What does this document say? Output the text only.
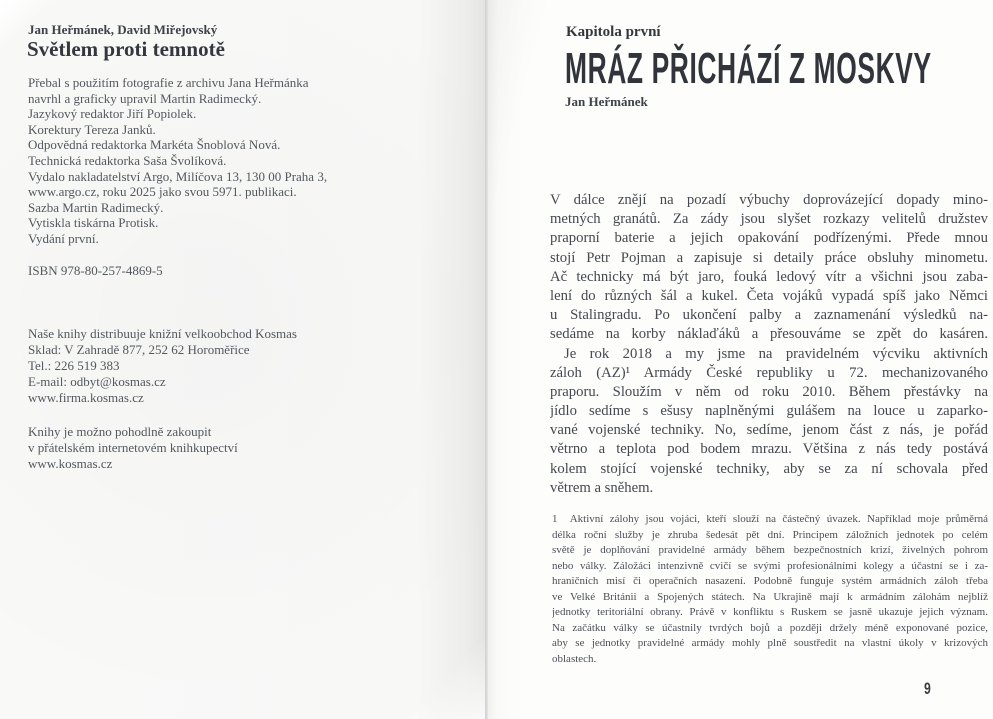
Jan Heřmánek, David Miřejovský
Světlem proti temnotě
Přebal s použitím fotografie z archivu Jana Heřmánka
navrhl a graficky upravil Martin Radimecký.
Jazykový redaktor Jiří Popiolek.
Korektury Tereza Janků.
Odpovědná redaktorka Markéta Šnoblová Nová.
Technická redaktorka Saša Švolíková.
Vydalo nakladatelství Argo, Milíčova 13, 130 00 Praha 3,
www.argo.cz, roku 2025 jako svou 5971. publikaci.
Sazba Martin Radimecký.
Vytiskla tiskárna Protisk.
Vydání první.
ISBN 978-80-257-4869-5
Naše knihy distribuuje knižní velkoobchod Kosmas
Sklad: V Zahradě 877, 252 62 Horoměřice
Tel.: 226 519 383
E-mail: odbyt@kosmas.cz
www.firma.kosmas.cz
Knihy je možno pohodlně zakoupit
v přátelském internetovém knihkupectví
www.kosmas.cz
Kapitola první
MRÁZ PŘICHÁZÍ Z MOSKVY
Jan Heřmánek
V dálce znějí na pozadí výbuchy doprovázející dopady mino-
metných granátů. Za zády jsou slyšet rozkazy velitelů družstev
praporní baterie a jejich opakování podřízenými. Přede mnou
stojí Petr Pojman a zapisuje si detaily práce obsluhy minometu.
Ač technicky má být jaro, fouká ledový vítr a všichni jsou zaba-
lení do různých šál a kukel. Četa vojáků vypadá spíš jako Němci
u Stalingradu. Po ukončení palby a zaznamenání výsledků na-
sedáme na korby náklaďáků a přesouváme se zpět do kasáren.
Je rok 2018 a my jsme na pravidelném výcviku aktivních
záloh (AZ)¹ Armády České republiky u 72. mechanizovaného
praporu. Sloužím v něm od roku 2010. Během přestávky na
jídlo sedíme s ešusy naplněnými gulášem na louce u zaparko-
vané vojenské techniky. No, sedíme, jenom část z nás, je pořád
větrno a teplota pod bodem mrazu. Většina z nás tedy postává
kolem stojící vojenské techniky, aby se za ní schovala před
větrem a sněhem.
1  Aktivní zálohy jsou vojáci, kteří slouží na částečný úvazek. Například moje průměrná
délka roční služby je zhruba šedesát pět dní. Principem záložních jednotek po celém
světě je doplňování pravidelné armády během bezpečnostních krizí, živelných pohrom
nebo války. Záložáci intenzivně cvičí se svými profesionálními kolegy a účastní se i za-
hraničních misí či operačních nasazení. Podobně funguje systém armádních záloh třeba
ve Velké Británii a Spojených státech. Na Ukrajině mají k armádním zálohám nejblíž
jednotky teritoriální obrany. Právě v konfliktu s Ruskem se jasně ukazuje jejich význam.
Na začátku války se účastnily tvrdých bojů a později držely méně exponované pozice,
aby se jednotky pravidelné armády mohly plně soustředit na vlastní úkoly v krizových
oblastech.
9
